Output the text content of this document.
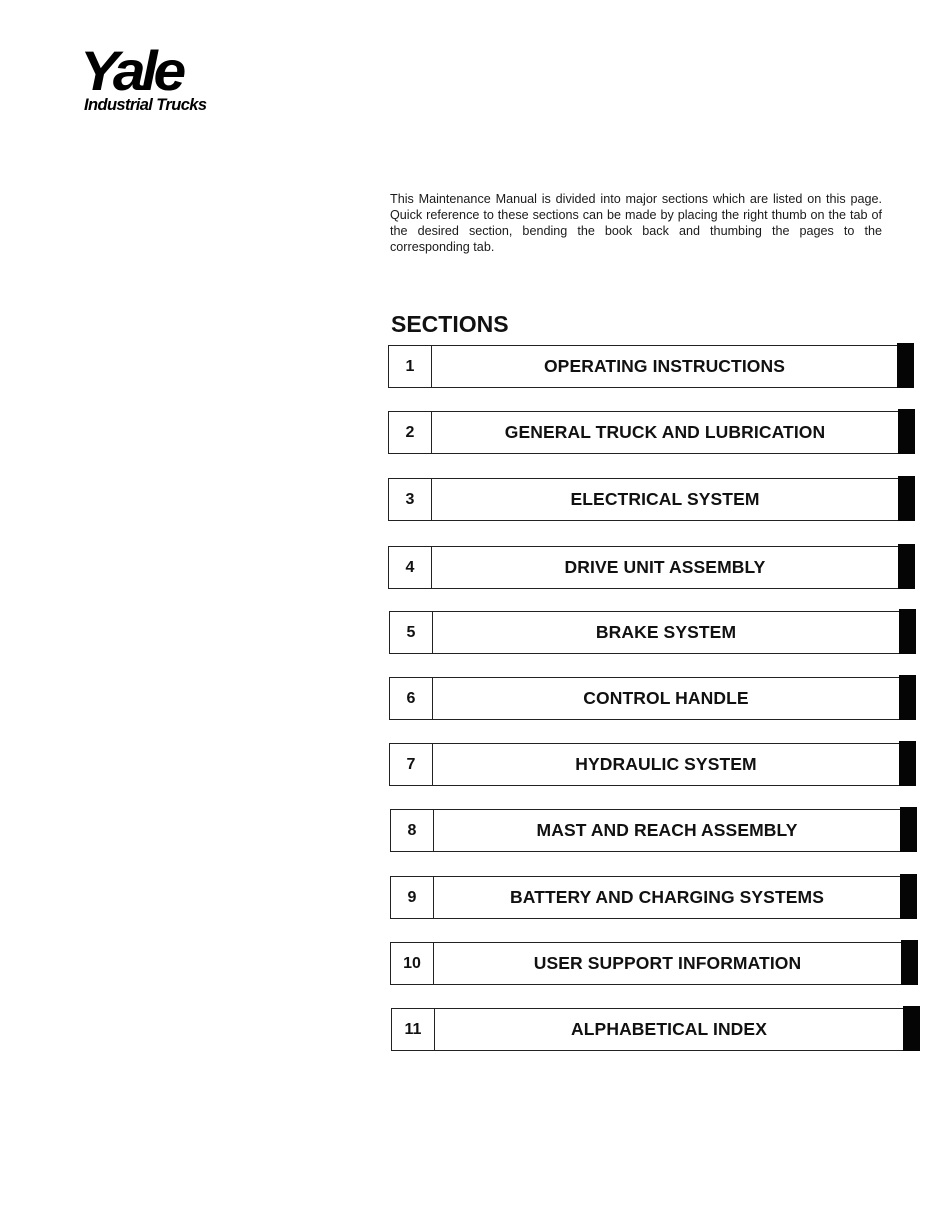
Yale
Industrial Trucks

This Maintenance Manual is divided into major sections which are listed on this page. Quick reference to these sections can be made by placing the right thumb on the tab of the desired section, bending the book back and thumbing the pages to the corresponding tab.

SECTIONS
1	OPERATING INSTRUCTIONS
2	GENERAL TRUCK AND LUBRICATION
3	ELECTRICAL SYSTEM
4	DRIVE UNIT ASSEMBLY
5	BRAKE SYSTEM
6	CONTROL HANDLE
7	HYDRAULIC SYSTEM
8	MAST AND REACH ASSEMBLY
9	BATTERY AND CHARGING SYSTEMS
10	USER SUPPORT INFORMATION
11	ALPHABETICAL INDEX
